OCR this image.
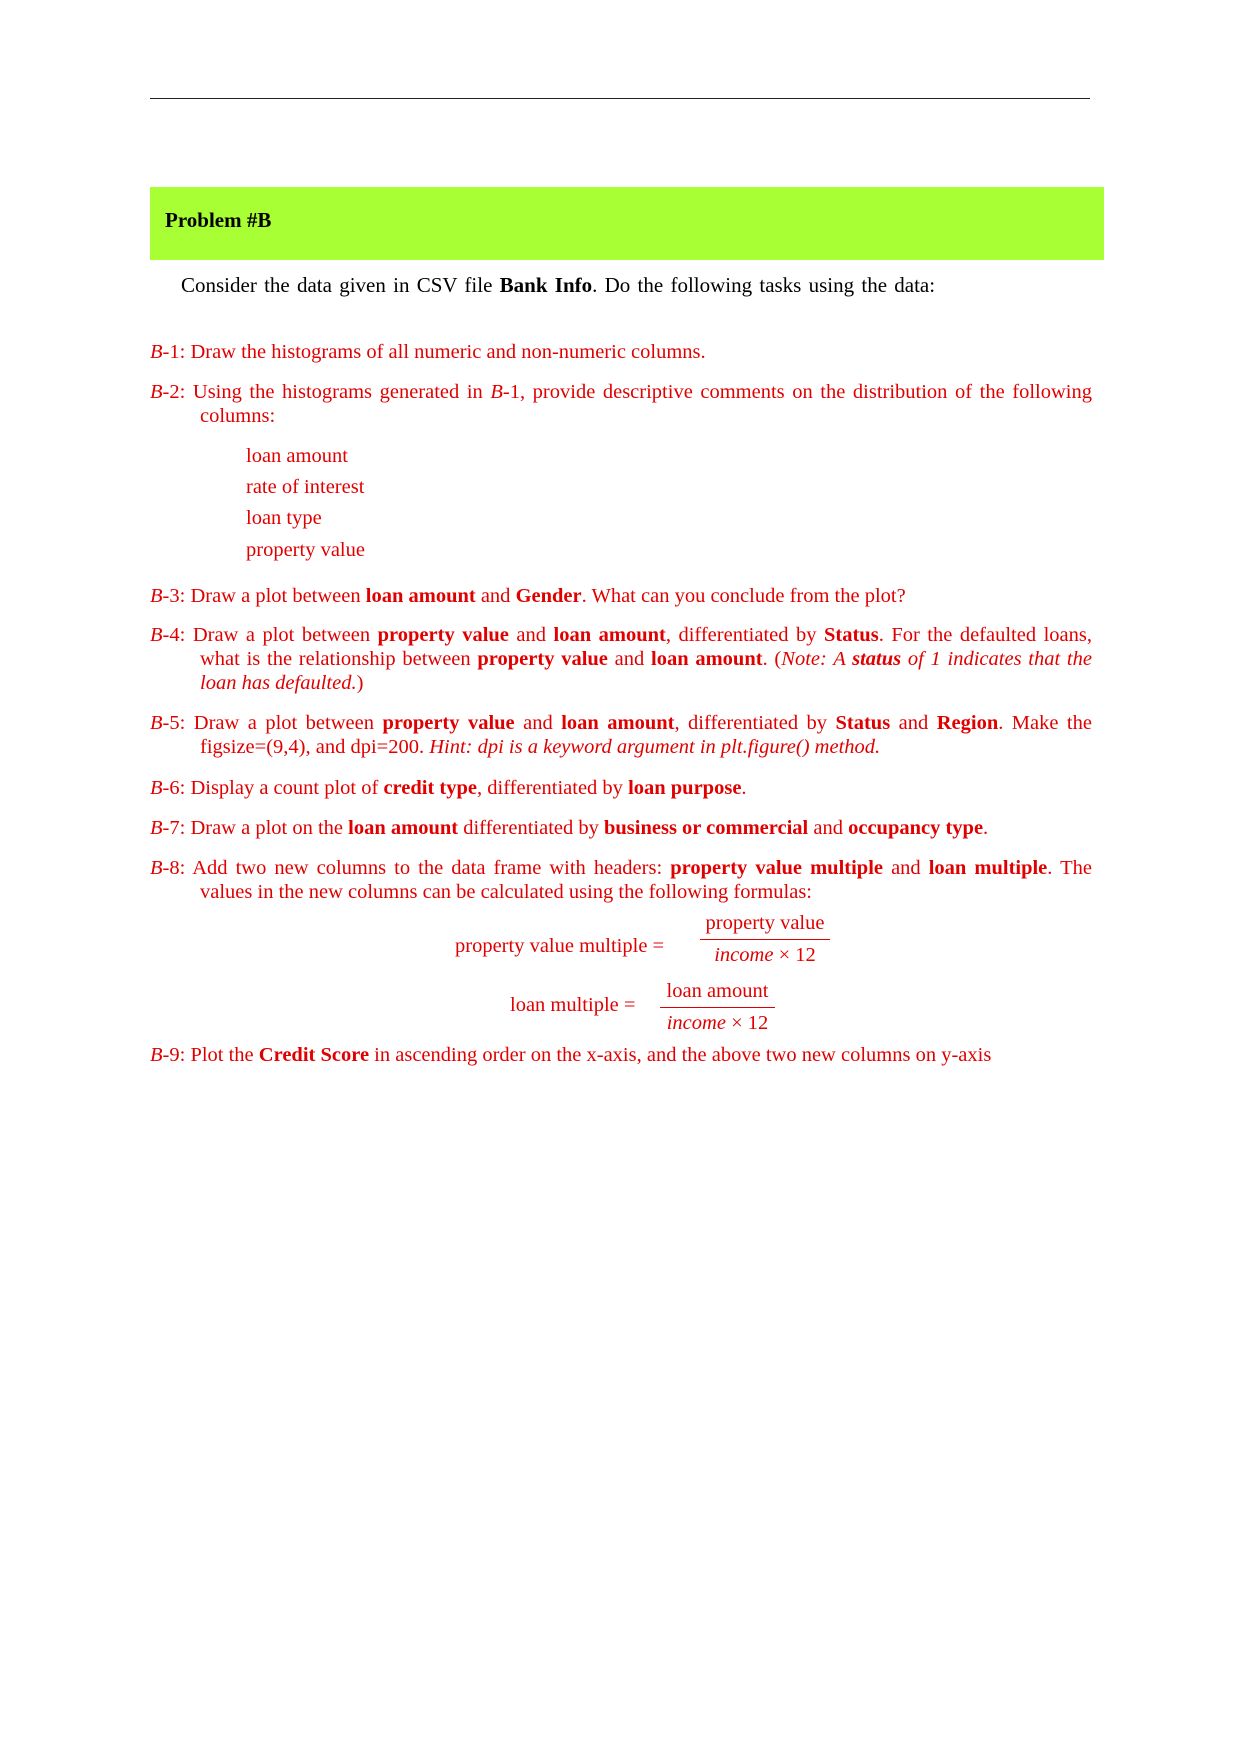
Problem #B
Consider the data given in CSV file Bank Info. Do the following tasks using the data:
B-1: Draw the histograms of all numeric and non-numeric columns.
B-2: Using the histograms generated in B-1, provide descriptive comments on the distribution of the following columns:
loan amount
rate of interest
loan type
property value
B-3: Draw a plot between loan amount and Gender. What can you conclude from the plot?
B-4: Draw a plot between property value and loan amount, differentiated by Status. For the defaulted loans, what is the relationship between property value and loan amount. (Note: A status of 1 indicates that the loan has defaulted.)
B-5: Draw a plot between property value and loan amount, differentiated by Status and Region. Make the figsize=(9,4), and dpi=200. Hint: dpi is a keyword argument in plt.figure() method.
B-6: Display a count plot of credit type, differentiated by loan purpose.
B-7: Draw a plot on the loan amount differentiated by business or commercial and occupancy type.
B-8: Add two new columns to the data frame with headers: property value multiple and loan multiple. The values in the new columns can be calculated using the following formulas:
property value multiple =
property value
income × 12
loan multiple =
loan amount
income × 12
B-9: Plot the Credit Score in ascending order on the x-axis, and the above two new columns on y-axis
